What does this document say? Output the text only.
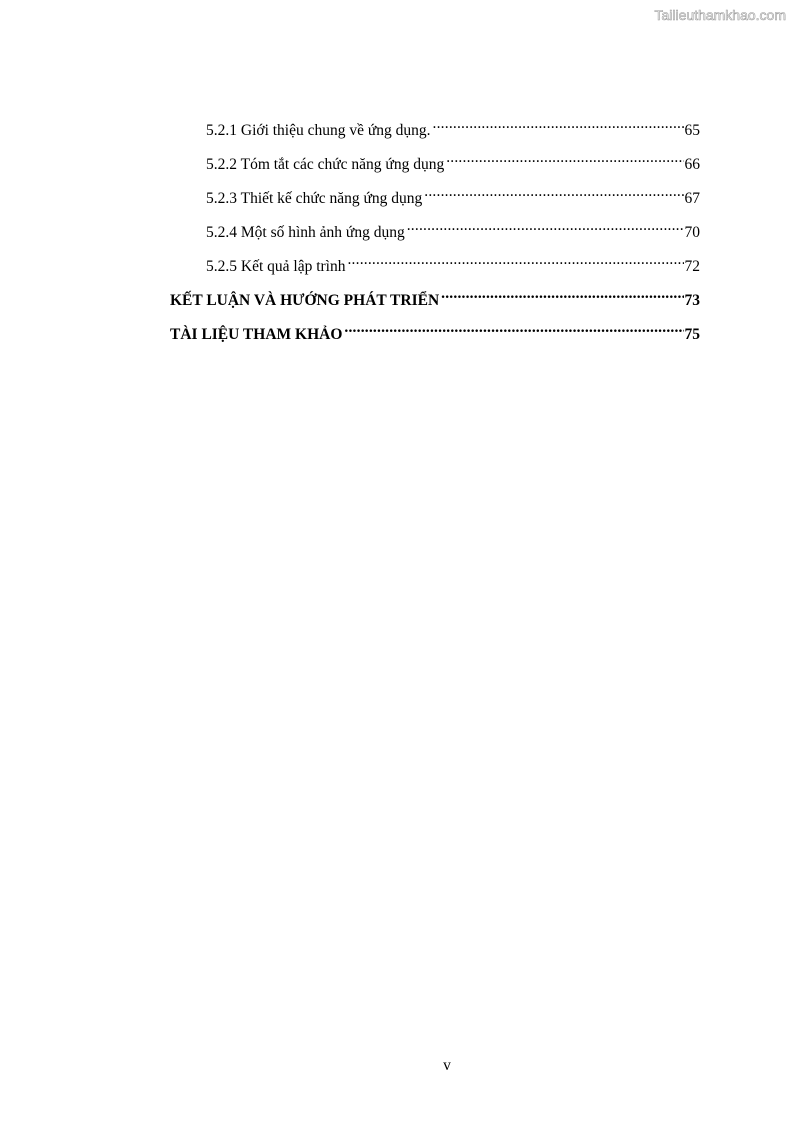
Tailieuthamkhao.com
5.2.1 Giới thiệu chung về ứng dụng. .....	65
5.2.2 Tóm tắt các chức năng ứng dụng .....	66
5.2.3 Thiết kế chức năng ứng dụng .....	67
5.2.4 Một số hình ảnh ứng dụng .....	70
5.2.5 Kết quả lập trình .....	72
KẾT LUẬN VÀ HƯỚNG PHÁT TRIỂN .....	73
TÀI LIỆU THAM KHẢO .....	75
v
